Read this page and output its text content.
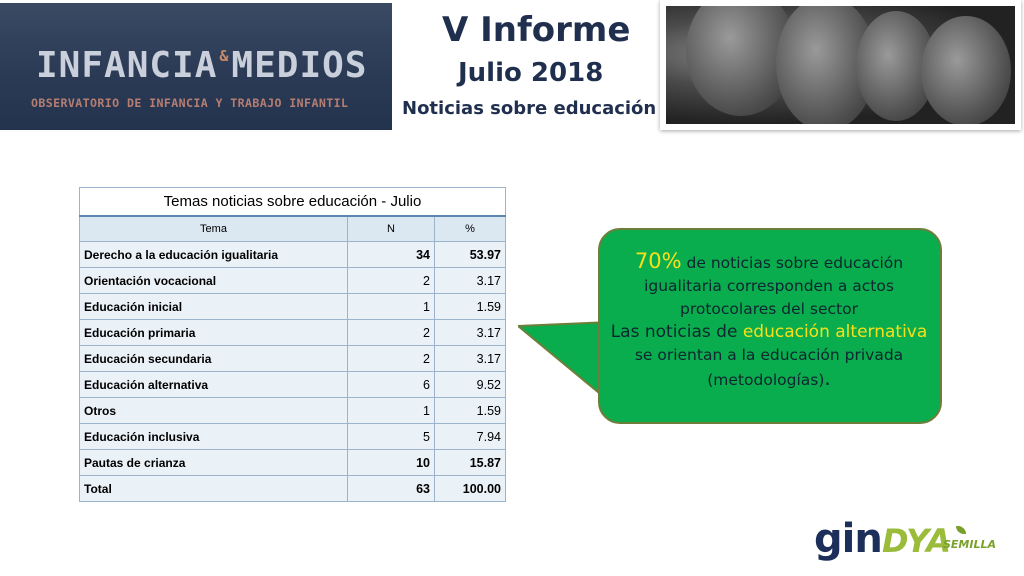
INFANCIA &MEDIOS
OBSERVATORIO DE INFANCIA Y TRABAJO INFANTIL
V Informe
Julio 2018
Noticias sobre educación
Temas noticias sobre educación - Julio		
Tema	N	%
Derecho a la educación igualitaria	34	53.97
Orientación vocacional	2	3.17
Educación inicial	1	1.59
Educación primaria	2	3.17
Educación secundaria	2	3.17
Educación alternativa	6	9.52
Otros	1	1.59
Educación inclusiva	5	7.94
Pautas de crianza	10	15.87
Total	63	100.00
70% de noticias sobre educación igualitaria corresponden a actos protocolares del sector
Las noticias de educación alternativa se orientan a la educación privada (metodologías).
gin DYA
SEMILLA
